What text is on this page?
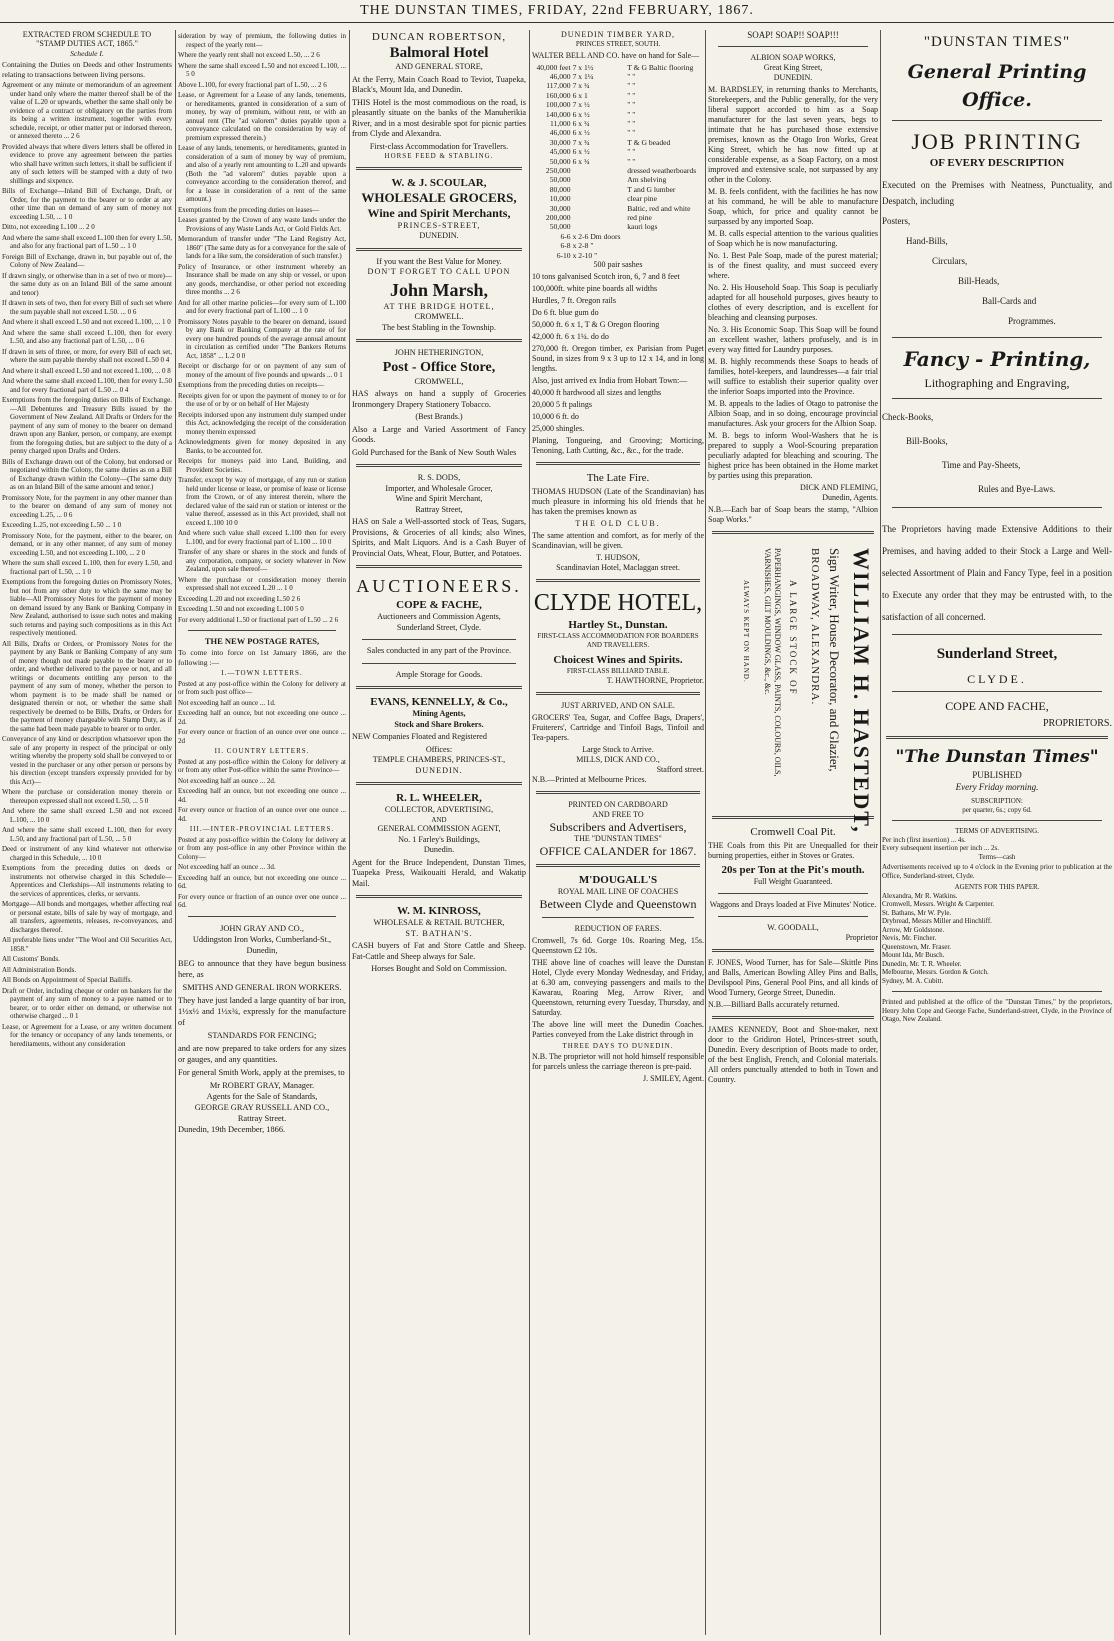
THE DUNSTAN TIMES, FRIDAY, 22nd FEBRUARY, 1867.
EXTRACTED FROM SCHEDULE TO
"STAMP DUTIES ACT, 1865."
Schedule I.

Containing the Duties on Deeds and other Instruments relating to transactions between living persons.

Agreement or any minute or memorandum of an agreement under hand only where the matter thereof shall be of the value of L.20 or upwards, whether the same shall only be evidence of a contract or obligatory on the parties from its being a written instrument, together with every schedule, receipt, or other matter put or indorsed thereon, or annexed thereto ... 2 6

Provided always that where divers letters shall be offered in evidence to prove any agreement between the parties who shall have written such letters, it shall be sufficient if any of such letters will be stamped with a duty of two shillings and sixpence.

Bills of Exchange—Inland Bill of Exchange, Draft, or Order, for the payment to the bearer or to order at any other time than on demand of any sum of money not exceeding L.50, ... 1 0

Ditto, not exceeding L.100 ... 2 0

And where the same shall exceed L.100 then for every L.50, and also for any fractional part of L.50 ... 1 0

Foreign Bill of Exchange, drawn in, but payable out of, the Colony of New Zealand—

If drawn singly, or otherwise than in a set of two or more)—the same duty as on an Inland Bill of the same amount and tenor)

If drawn in sets of two, then for every Bill of such set where the sum payable shall not exceed L.50. ... 0 6

And where it shall exceed L.50 and not exceed L.100, ... 1 0

And where the same shall exceed L.100, then for every L.50, and also any fractional part of L.50, ... 0 6

If drawn in sets of three, or more, for every Bill of each set, where the sum payable thereby shall not exceed L.50 0 4

And where it shall exceed L.50 and not exceed L.100, ... 0 8

And where the same shall exceed L.100, then for every L.50 and for every fractional part of L.50 ... 0 4

Exemptions from the foregoing duties on Bills of Exchange.—All Debentures and Treasury Bills issued by the Government of New Zealand. All Drafts or Orders for the payment of any sum of money to the bearer on demand drawn upon any Banker, person, or company, are exempt from the foregoing duties, but are subject to the duty of a penny charged upon Drafts and Orders.

Bills of Exchange drawn out of the Colony, but endorsed or negotiated within the Colony, the same duties as on a Bill of Exchange drawn within the Colony—(The same duty as on an Inland Bill of the same amount and tenor.)

Promissory Note, for the payment in any other manner than to the bearer on demand of any sum of money not exceeding L.25, ... 0 6

Exceeding L.25, not exceeding L.50 ... 1 0

Promissory Note, for the payment, either to the bearer, on demand, or in any other manner, of any sum of money exceeding L.50, and not exceeding L.100, ... 2 0

Where the sum shall exceed L.100, then for every L.50, and fractional part of L.50, ... 1 0

Exemptions from the foregoing duties on Promissory Notes, but not from any other duty to which the same may be liable—All Promissory Notes for the payment of money on demand issued by any Bank or Banking Company in New Zealand, authorised to issue such notes and making such returns and paying such compositions as in this Act respectively mentioned.

All Bills, Drafts or Orders, or Promissory Notes for the payment by any Bank or Banking Company of any sum of money though not made payable to the bearer or to order, and whether delivered to the payee or not, and all writings or documents entitling any person to the payment of any sum of money, whether the person to whom payment is to be made shall be named or designated therein or not, or whether the same shall respectively be deemed to be Bills, Drafts, or Orders for the payment of money chargeable with Stamp Duty, as if the same had been made payable to bearer or to order.

Conveyance of any kind or description whatsoever upon the sale of any property in respect of the principal or only writing whereby the property sold shall be conveyed to or vested in the purchaser or any other person or persons by his direction (except transfers expressly provided for by this Act)—

Where the purchase or consideration money therein or thereupon expressed shall not exceed L.50, ... 5 0

And where the same shall exceed L.50 and not exceed L.100, ... 10 0

And where the same shall exceed L.100, then for every L.50, and any fractional part of L.50, ... 5 0

Deed or instrument of any kind whatever not otherwise charged in this Schedule, ... 10 0

Exemptions from the preceding duties on deeds or instruments not otherwise charged in this Schedule—Apprentices and Clerkships—All instruments relating to the services of apprentices, clerks, or servants.

Mortgage—All bonds and mortgages, whether affecting real or personal estate, bills of sale by way of mortgage, and all transfers, agreements, releases, re-conveyances, and discharges thereof.

All preferable liens under "The Wool and Oil Securities Act, 1858."

All Customs' Bonds.

All Administration Bonds.

All Bonds on Appointment of Special Bailiffs.

Draft or Order, including cheque or order on bankers for the payment of any sum of money to a payee named or to bearer, or to order either on demand, or otherwise not otherwise charged ... 0 1

Lease, or Agreement for a Lease, or any written document for the tenancy or occupancy of any lands tenements, or hereditaments, without any consideration

sideration by way of premium, the following duties in respect of the yearly rent—

Where the yearly rent shall not exceed L.50, ... 2 6

Where the same shall exceed L.50 and not exceed L.100, ... 5 0

Above L.100, for every fractional part of L.50, ... 2 6

Lease, or Agreement for a Lease of any lands, tenements, or hereditaments, granted in consideration of a sum of money, by way of premium, without rent, or with an annual rent (The "ad valorem" duties payable upon a conveyance calculated on the consideration by way of premium expressed therein.)

Lease of any lands, tenements, or hereditaments, granted in consideration of a sum of money by way of premium, and also of a yearly rent amounting to L.20 and upwards (Both the "ad valorem" duties payable upon a conveyance according to the consideration thereof, and for a lease in consideration of a rent of the same amount.)

Exemptions from the preceding duties on leases—

Leases granted by the Crown of any waste lands under the Provisions of any Waste Lands Act, or Gold Fields Act.

Memorandum of transfer under "The Land Registry Act, 1860" (The same duty as for a conveyance for the sale of lands for a like sum, the consideration of such transfer.)

Policy of Insurance, or other instrument whereby an Insurance shall be made on any ship or vessel, or upon any goods, merchandise, or other period not exceeding three months ... 2 6

And for all other marine policies—for every sum of L.100 and for every fractional part of L.100 ... 1 0

Promissory Notes payable to the bearer on demand, issued by any Bank or Banking Company at the rate of for every one hundred pounds of the average annual amount in circulation as certified under "The Bankers Returns Act, 1858" ... L.2 0 0

Receipt or discharge for or on payment of any sum of money of the amount of five pounds and upwards ... 0 1

Exemptions from the preceding duties on receipts—

Receipts given for or upon the payment of money to or for the use of or by or on behalf of Her Majesty

Receipts indorsed upon any instrument duly stamped under this Act, acknowledging the receipt of the consideration money therein expressed

Acknowledgments given for money deposited in any Banks, to be accounted for.

Receipts for moneys paid into Land, Building, and Provident Societies.

Transfer, except by way of mortgage, of any run or station held under license or lease, or promise of lease or license from the Crown, or of any interest therein, where the declared value of the said run or station or interest or the value thereof, assessed as in this Act provided, shall not exceed L.100 10 0

And where such value shall exceed L.100 then for every L.100, and for every fractional part of L.100 ... 10 0

Transfer of any share or shares in the stock and funds of any corporation, company, or society whatever in New Zealand, upon sale thereof—

Where the purchase or consideration money therein expressed shall not exceed L.20 ... 1 0

Exceeding L.20 and not exceeding L.50 2 6

Exceeding L.50 and not exceeding L.100 5 0

For every additional L.50 or fractional part of L.50 ... 2 6

THE NEW POSTAGE RATES,

To come into force on 1st January 1866, are the following :—

I.—TOWN LETTERS.

Posted at any post-office within the Colony for delivery at or from such post office—

Not exceeding half an ounce ... 1d.

Exceeding half an ounce, but not exceeding one ounce ... 2d.

For every ounce or fraction of an ounce over one ounce ... 2d

II. COUNTRY LETTERS.

Posted at any post-office within the Colony for delivery at or from any other Post-office within the same Province—

Not exceeding half an ounce ... 2d.

Exceeding half an ounce, but not exceeding one ounce ... 4d.

For every ounce or fraction of an ounce over one ounce ... 4d.

III.—INTER-PROVINCIAL LETTERS.

Posted at any post-office within the Colony for delivery at or from any post-office in any other Province within the Colony—

Not exceeding half an ounce ... 3d.

Exceeding half an ounce, but not exceeding one ounce ... 6d.

For every ounce or fraction of an ounce over one ounce ... 6d.

JOHN GRAY AND CO.,
Uddingston Iron Works, Cumberland-St.,
Dunedin,

BEG to announce that they have begun business here, as

SMITHS AND GENERAL IRON WORKERS.

They have just landed a large quantity of bar iron, 1½x½ and 1½x¾, expressly for the manufacture of

STANDARDS FOR FENCING;

and are now prepared to take orders for any sizes or gauges, and any quantities.

For general Smith Work, apply at the premises, to

Mr ROBERT GRAY, Manager.
Agents for the Sale of Standards,
GEORGE GRAY RUSSELL AND CO.,
Rattray Street.
Dunedin, 19th December, 1866.
DUNCAN ROBERTSON,
Balmoral Hotel
AND GENERAL STORE,

At the Ferry, Main Coach Road to Teviot, Tuapeka, Black's, Mount Ida, and Dunedin.

THIS Hotel is the most commodious on the road, is pleasantly situate on the banks of the Manuherikia River, and in a most desirable spot for picnic parties from Clyde and Alexandra.

First-class Accommodation for Travellers.
HORSE FEED & STABLING.
W. & J. SCOULAR,
WHOLESALE GROCERS,
Wine and Spirit Merchants,
PRINCES-STREET,
DUNEDIN.
If you want the Best Value for Money.
DON'T FORGET TO CALL UPON
John Marsh,
AT THE BRIDGE HOTEL,
CROMWELL.
The best Stabling in the Township.
JOHN HETHERINGTON,
Post - Office Store,
CROMWELL,

HAS always on hand a supply of Groceries Ironmongery Drapery Stationery Tobacco.

(Best Brands.)

Also a Large and Varied Assortment of Fancy Goods.

Gold Purchased for the Bank of New South Wales

R. S. DODS,
Importer, and Wholesale Grocer,
Wine and Spirit Merchant,
Rattray Street,

HAS on Sale a Well-assorted stock of Teas, Sugars, Provisions, & Groceries of all kinds; also Wines, Spirits, and Malt Liquors. And is a Cash Buyer of Provincial Oats, Wheat, Flour, Butter, and Potatoes.

AUCTIONEERS.
COPE & FACHE,
Auctioneers and Commission Agents,
Sunderland Street, Clyde.
Sales conducted in any part of the Province.
Ample Storage for Goods.
EVANS, KENNELLY, & Co.,
Mining Agents,
Stock and Share Brokers.

NEW Companies Floated and Registered

Offices:
TEMPLE CHAMBERS, PRINCES-ST.,
DUNEDIN.
R. L. WHEELER,
COLLECTOR, ADVERTISING,
AND
GENERAL COMMISSION AGENT,
No. 1 Farley's Buildings,
Dunedin.

Agent for the Bruce Independent, Dunstan Times, Tuapeka Press, Waikouaiti Herald, and Wakatip Mail.

W. M. KINROSS,
WHOLESALE & RETAIL BUTCHER,
ST. BATHAN'S.

CASH buyers of Fat and Store Cattle and Sheep. Fat-Cattle and Sheep always for Sale.

Horses Bought and Sold on Commission.
DUNEDIN TIMBER YARD,
PRINCES STREET, SOUTH.

WALTER BELL AND CO. have on hand for Sale—

40,000 feet	7 x 1½	T & G Baltic flooring
46,000	7 x 1¼	" "
117,000	7 x ¾	" "
160,000	6 x 1	" "
100,000	7 x ½	" "
140,000	6 x ½	" "
11,000	6 x ¾	" "
46,000	6 x ½	" "
30,000	7 x ¾	T & G beaded
45,000	6 x ½	" "
50,000	6 x ¾	" "
250,000		dressed weatherboards
50,000		Am shelving
80,000		T and G lumber
10,000		clear pine
30,000		Baltic, red and white
200,000		red pine
50,000		kauri logs
6-6	x 2-6 Dm doors	
6-8	x 2-8 "	
6-10	x 2-10 "	
500 pair sashes

10 tons galvanised Scotch iron, 6, 7 and 8 feet

100,000ft. white pine boards all widths

Hurdles, 7 ft. Oregon rails

Do 6 ft. blue gum do

50,000 ft. 6 x 1, T & G Oregon flooring

42,000 ft. 6 x 1¼. do do

270,000 ft. Oregon timber, ex Parisian from Puget Sound, in sizes from 9 x 3 up to 12 x 14, and in long lengths.

Also, just arrived ex India from Hobart Town:—

40,000 ft hardwood all sizes and lengths

20,000 5 ft palings

10,000 6 ft. do

25,000 shingles.

Planing, Tongueing, and Grooving; Morticing, Tenoning, Lath Cutting, &c., &c., for the trade.

The Late Fire.

THOMAS HUDSON (Late of the Scandinavian) has much pleasure in informing his old friends that he has taken the premises known as

THE OLD CLUB.

The same attention and comfort, as for merly of the Scandinavian, will be given.

T. HUDSON,
Scandinavian Hotel, Maclaggan street.
CLYDE HOTEL,
Hartley St., Dunstan.
FIRST-CLASS ACCOMMODATION FOR BOARDERS AND TRAVELLERS.
Choicest Wines and Spirits.
FIRST-CLASS BILLIARD TABLE.
T. HAWTHORNE, Proprietor.
JUST ARRIVED, AND ON SALE.

GROCERS' Tea, Sugar, and Coffee Bags, Drapers', Fruiterers', Cartridge and Tinfoil Bags, Tinfoil and Tea-papers.

Large Stock to Arrive.
MILLS, DICK AND CO.,
Stafford street.
N.B.—Printed at Melbourne Prices.
PRINTED ON CARDBOARD
AND FREE TO
Subscribers and Advertisers,
THE "DUNSTAN TIMES"
OFFICE CALANDER for 1867.
M'DOUGALL'S
ROYAL MAIL LINE OF COACHES
Between Clyde and Queenstown
REDUCTION OF FARES.

Cromwell, 7s 6d. Gorge 10s. Roaring Meg, 15s. Queenstown £2 10s.

THE above line of coaches will leave the Dunstan Hotel, Clyde every Monday Wednesday, and Friday, at 6.30 am, conveying passengers and mails to the Kawarau, Roaring Meg, Arrow River, and Queenstown, returning every Tuesday, Thursday, and Saturday.

The above line will meet the Dunedin Coaches. Parties conveyed from the Lake district through in

THREE DAYS TO DUNEDIN.

N.B. The proprietor will not hold himself responsible for parcels unless the carriage thereon is pre-paid.

J. SMILEY, Agent.
SOAP! SOAP!! SOAP!!!
ALBION SOAP WORKS,
Great King Street,
DUNEDIN.

M. BARDSLEY, in returning thanks to Merchants, Storekeepers, and the Public generally, for the very liberal support accorded to him as a Soap manufacturer for the last seven years, begs to intimate that he has purchased those extensive premises, known as the Otago Iron Works, Great King Street, which he has now fitted up at considerable expense, as a Soap Factory, on a most improved and extensive scale, not surpassed by any other in the Colony.

M. B. feels confident, with the facilities he has now at his command, he will be able to manufacture Soap, which, for price and quality cannot be surpassed by any imported Soap.

M. B. calls especial attention to the various qualities of Soap which he is now manufacturing.

No. 1. Best Pale Soap, made of the purest material; is of the finest quality, and must succeed every where.

No. 2. His Household Soap. This Soap is peculiarly adapted for all household purposes, gives beauty to clothes of every description, and is excellent for bleaching and cleansing purposes.

No. 3. His Economic Soap. This Soap will be found an excellent washer, lathers profusely, and is in every way fitted for Laundry purposes.

M. B. highly recommends these Soaps to heads of families, hotel-keepers, and laundresses—a fair trial will suffice to establish their superior quality over the inferior Soaps imported into the Province.

M. B. appeals to the ladies of Otago to patronise the Albion Soap, and in so doing, encourage provincial manufactures. Ask your grocers for the Albion Soap.

M. B. begs to inform Wool-Washers that he is prepared to supply a Wool-Scouring preparation peculiarly adapted for bleaching and scouring. The highest price has been obtained in the Home market by parties using this preparation.

DICK AND FLEMING,
Dunedin, Agents.

N.B.—Each bar of Soap bears the stamp, "Albion Soap Works."

WILLIAM H. HASTEDT,
Sign Writer, House Decorator, and Glazier,
BROADWAY, ALEXANDRA.
A LARGE STOCK OF
PAPERHANGINGS, WINDOW GLASS, PAINTS, COLOURS, OILS, VARNISHES, GILT MOULDINGS, &c., &c.
ALWAYS KEPT ON HAND.
Cromwell Coal Pit.

THE Coals from this Pit are Unequalled for their burning properties, either in Stoves or Grates.

20s per Ton at the Pit's mouth.
Full Weight Guaranteed.

Waggons and Drays loaded at Five Minutes' Notice.

W. GOODALL,
Proprietor

F. JONES, Wood Turner, has for Sale—Skittle Pins and Balls, American Bowling Alley Pins and Balls, Devilspool Pins, General Pool Pins, and all kinds of Wood Turnery, George Street, Dunedin.

N.B.—Billiard Balls accurately returned.

JAMES KENNEDY, Boot and Shoe-maker, next door to the Gridiron Hotel, Princes-street south, Dunedin. Every description of Boots made to order, of the best English, French, and Colonial materials. All orders punctually attended to both in Town and Country.

"DUNSTAN TIMES"
General Printing Office.
JOB PRINTING
OF EVERY DESCRIPTION

Executed on the Premises with Neatness, Punctuality, and Despatch, including

Posters,
Hand-Bills,
Circulars,
Bill-Heads,
Ball-Cards and
Programmes.
Fancy - Printing,
Lithographing and Engraving,
Check-Books,
Bill-Books,
Time and Pay-Sheets,
Rules and Bye-Laws.

The Proprietors having made Extensive Additions to their Premises, and having added to their Stock a Large and Well-selected Assortment of Plain and Fancy Type, feel in a position to Execute any order that they may be entrusted with, to the satisfaction of all concerned.

Sunderland Street,
CLYDE.
COPE AND FACHE,
PROPRIETORS.
"The Dunstan Times"
PUBLISHED
Every Friday morning.
SUBSCRIPTION:
per quarter, 6s.; copy 6d.
TERMS OF ADVERTISING.
Per inch (first insertion) ... 4s.
Every subsequent insertion per inch ... 2s.
Terms—cash

Advertisements received up to 4 o'clock in the Evening prior to publication at the Office, Sunderland-street, Clyde.

AGENTS FOR THIS PAPER.
Alexandra, Mr R. Watkins.
Cromwell, Messrs. Wright & Carpenter.
St. Bathans, Mr W. Pyle.
Drybread, Messrs Miller and Hinchliff.
Arrow, Mr Goldstone.
Nevis, Mr. Fincher.
Queenstown, Mr. Fraser.
Mount Ida, Mr Busch.
Dunedin, Mr. T. R. Wheeler.
Melbourne, Messrs. Gordon & Gotch.
Sydney, M. A. Cubitt.

Printed and published at the office of the "Dunstan Times," by the proprietors, Henry John Cope and George Fache, Sunderland-street, Clyde, in the Province of Otago, New Zealand.
